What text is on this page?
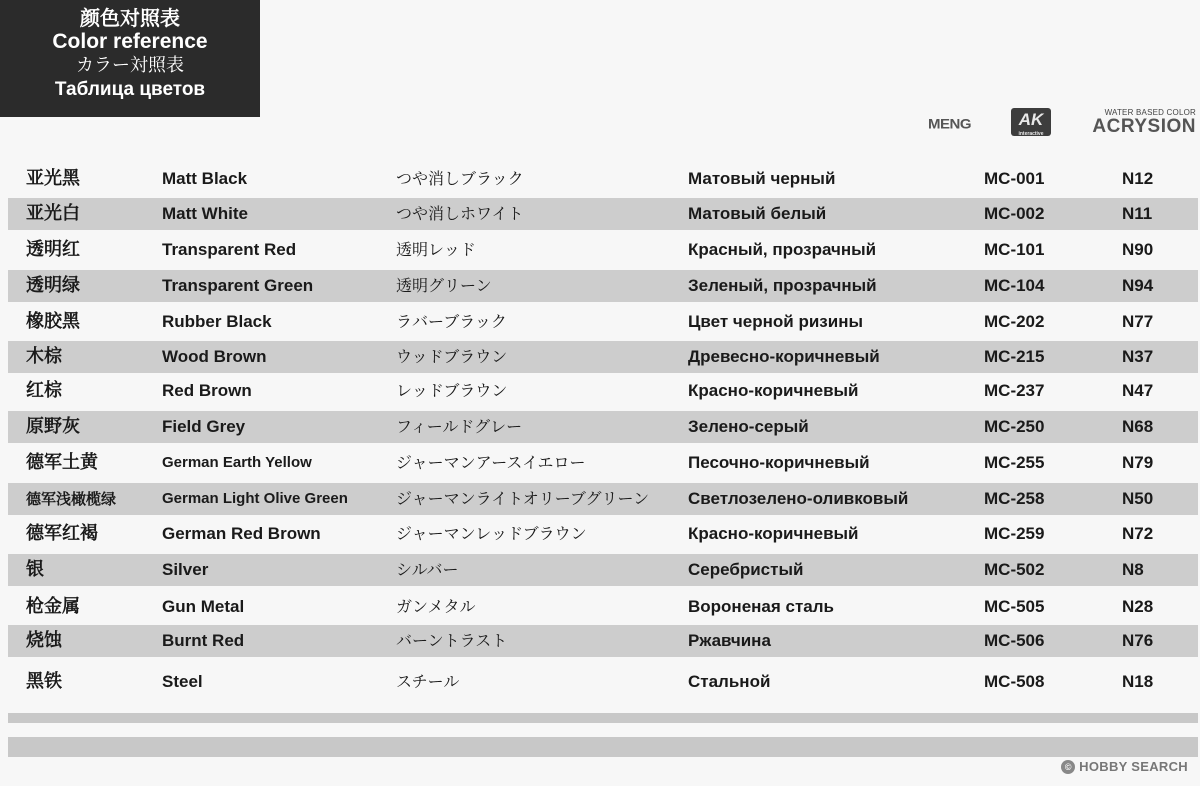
颜色对照表
Color reference
カラー対照表
Таблица цветов
MENG	AK
interactive
WATER BASED COLOR
ACRYSION
亚光黑	Matt Black	つや消しブラック	Матовый черный	MC-001	N12
亚光白	Matt White	つや消しホワイト	Матовый белый	MC-002	N11
透明红	Transparent Red	透明レッド	Красный, прозрачный	MC-101	N90
透明绿	Transparent Green	透明グリーン	Зеленый, прозрачный	MC-104	N94
橡胶黑	Rubber Black	ラバーブラック	Цвет черной ризины	MC-202	N77
木棕	Wood Brown	ウッドブラウン	Древесно-коричневый	MC-215	N37
红棕	Red Brown	レッドブラウン	Красно-коричневый	MC-237	N47
原野灰	Field Grey	フィールドグレー	Зелено-серый	MC-250	N68
德军土黄	German Earth Yellow	ジャーマンアースイエロー	Песочно-коричневый	MC-255	N79
德军浅橄榄绿	German Light Olive Green	ジャーマンライトオリーブグリーン Светлозелено-оливковый	MC-258	N50
德军红褐	German Red Brown	ジャーマンレッドブラウン	Красно-коричневый	MC-259	N72
银	Silver	シルバー	Серебристый	MC-502	N8
枪金属	Gun Metal	ガンメタル	Вороненая сталь	MC-505	N28
烧蚀	Burnt Red	バーントラスト	Ржавчина	MC-506	N76
黑铁	Steel	スチール	Стальной	MC-508	N18
© HOBBY SEARCH
